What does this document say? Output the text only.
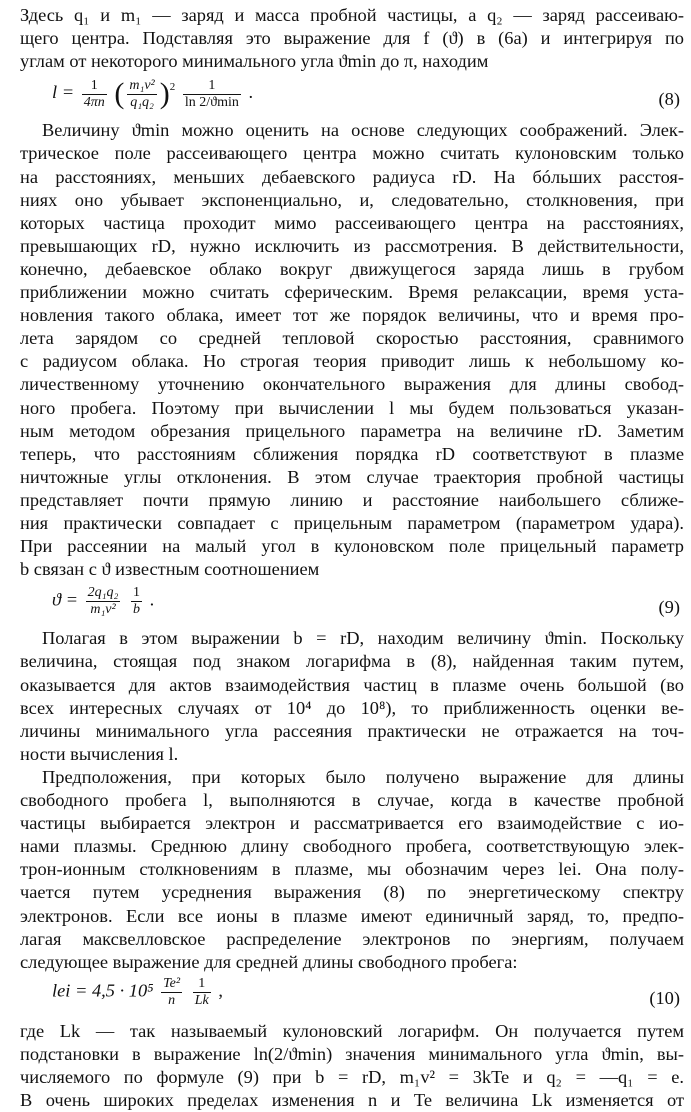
Здесь q₁ и m₁ — заряд и масса пробной частицы, а q₂ — заряд рассеиваю-
щего центра. Подставляя это выражение для f (ϑ) в (6а) и интегрируя по
углам от некоторого минимального угла ϑmin до π, находим
$l = \frac{1}{4\pi n}$ ( $\frac{\text{m₁v²}}{\text{q₁q₂}} )^2 \frac{1}{\ln 2/ϑ\min}$ .	(8)
Величину ϑmin можно оценить на основе следующих соображений. Элек-
трическое поле рассеивающего центра можно считать кулоновским только
на расстояниях, меньших дебаевского радиуса rD. На бóльших расстоя-
ниях оно убывает экспоненциально, и, следовательно, столкновения, при
которых частица проходит мимо рассеивающего центра на расстояниях,
превышающих rD, нужно исключить из рассмотрения. В действительности,
конечно, дебаевское облако вокруг движущегося заряда лишь в грубом
приближении можно считать сферическим. Время релаксации, время уста-
новления такого облака, имеет тот же порядок величины, что и время про-
лета зарядом со средней тепловой скоростью расстояния, сравнимого
с радиусом облака. Но строгая теория приводит лишь к небольшому ко-
личественному уточнению окончательного выражения для длины свобод-
ного пробега. Поэтому при вычислении l мы будем пользоваться указан-
ным методом обрезания прицельного параметра на величине rD. Заметим
теперь, что расстояниям сближения порядка rD соответствуют в плазме
ничтожные углы отклонения. В этом случае траектория пробной частицы
представляет почти прямую линию и расстояние наибольшего сближе-
ния практически совпадает с прицельным параметром (параметром удара).
При рассеянии на малый угол в кулоновском поле прицельный параметр
b связан с ϑ известным соотношением
$ϑ = \frac{\text{2q₁q₂}}{\text{m₁v²}}$
$\frac{1}{b}$ .	(9)
Полагая в этом выражении b = rD, находим величину ϑmin. Поскольку
величина, стоящая под знаком логарифма в (8), найденная таким путем,
оказывается для актов взаимодействия частиц в плазме очень большой (во
всех интересных случаях от 10⁴ до 10⁸), то приближенность оценки ве-
личины минимального угла рассеяния практически не отражается на точ-
ности вычисления l.
Предположения, при которых было получено выражение для длины
свободного пробега l, выполняются в случае, когда в качестве пробной
частицы выбирается электрон и рассматривается его взаимодействие с ио-
нами плазмы. Среднюю длину свободного пробега, соответствующую элек-
трон-ионным столкновениям в плазме, мы обозначим через lei. Она полу-
чается путем усреднения выражения (8) по энергетическому спектру
электронов. Если все ионы в плазме имеют единичный заряд, то, предпо-
лагая максвелловское распределение электронов по энергиям, получаем
следующее выражение для средней длины свободного пробега:
lei = $4,5 \cdot 10^5 \frac{\text{Te²}}{n}$
$\frac{1}{Lk}$ ,	(10)
где Lk — так называемый кулоновский логарифм. Он получается путем
подстановки в выражение ln(2/ϑmin) значения минимального угла ϑmin, вы-
числяемого по формуле (9) при b = rD, m₁v² = 3kTe и q₂ = —q₁ = e.
В очень широких пределах изменения n и Te величина Lk изменяется от
